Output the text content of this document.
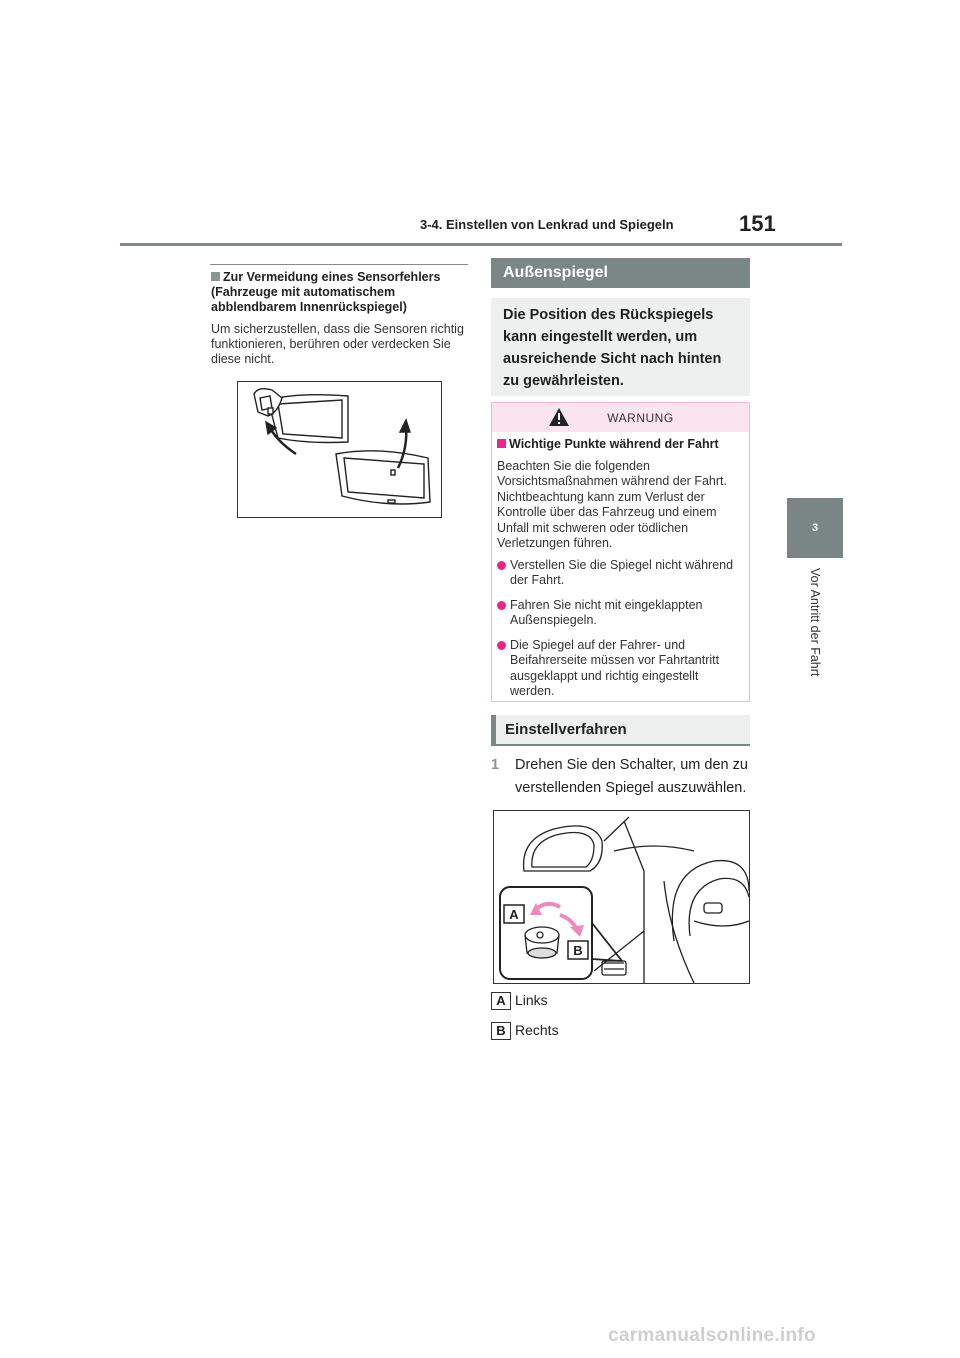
3-4. Einstellen von Lenkrad und Spiegeln	151
3
Vor Antritt der Fahrt
Zur Vermeidung eines Sensorfehlers (Fahrzeuge mit automatischem abblendbarem Innenrückspiegel)
Um sicherzustellen, dass die Sensoren richtig funktionieren, berühren oder verdecken Sie diese nicht.
Außenspiegel
Die Position des Rückspiegels kann eingestellt werden, um ausreichende Sicht nach hinten zu gewährleisten.
WARNUNG

Wichtige Punkte während der Fahrt

Beachten Sie die folgenden Vorsichtsmaßnahmen während der Fahrt. Nichtbeachtung kann zum Verlust der Kontrolle über das Fahrzeug und einem Unfall mit schweren oder tödlichen Verletzungen führen.

Verstellen Sie die Spiegel nicht während der Fahrt.
Fahren Sie nicht mit eingeklappten Außenspiegeln.
Die Spiegel auf der Fahrer- und Beifahrerseite müssen vor Fahrtantritt ausgeklappt und richtig eingestellt werden.
Einstellverfahren
1 Drehen Sie den Schalter, um den zu verstellenden Spiegel auszuwählen.
A
B
A Links
B Rechts
carmanualsonline.info
